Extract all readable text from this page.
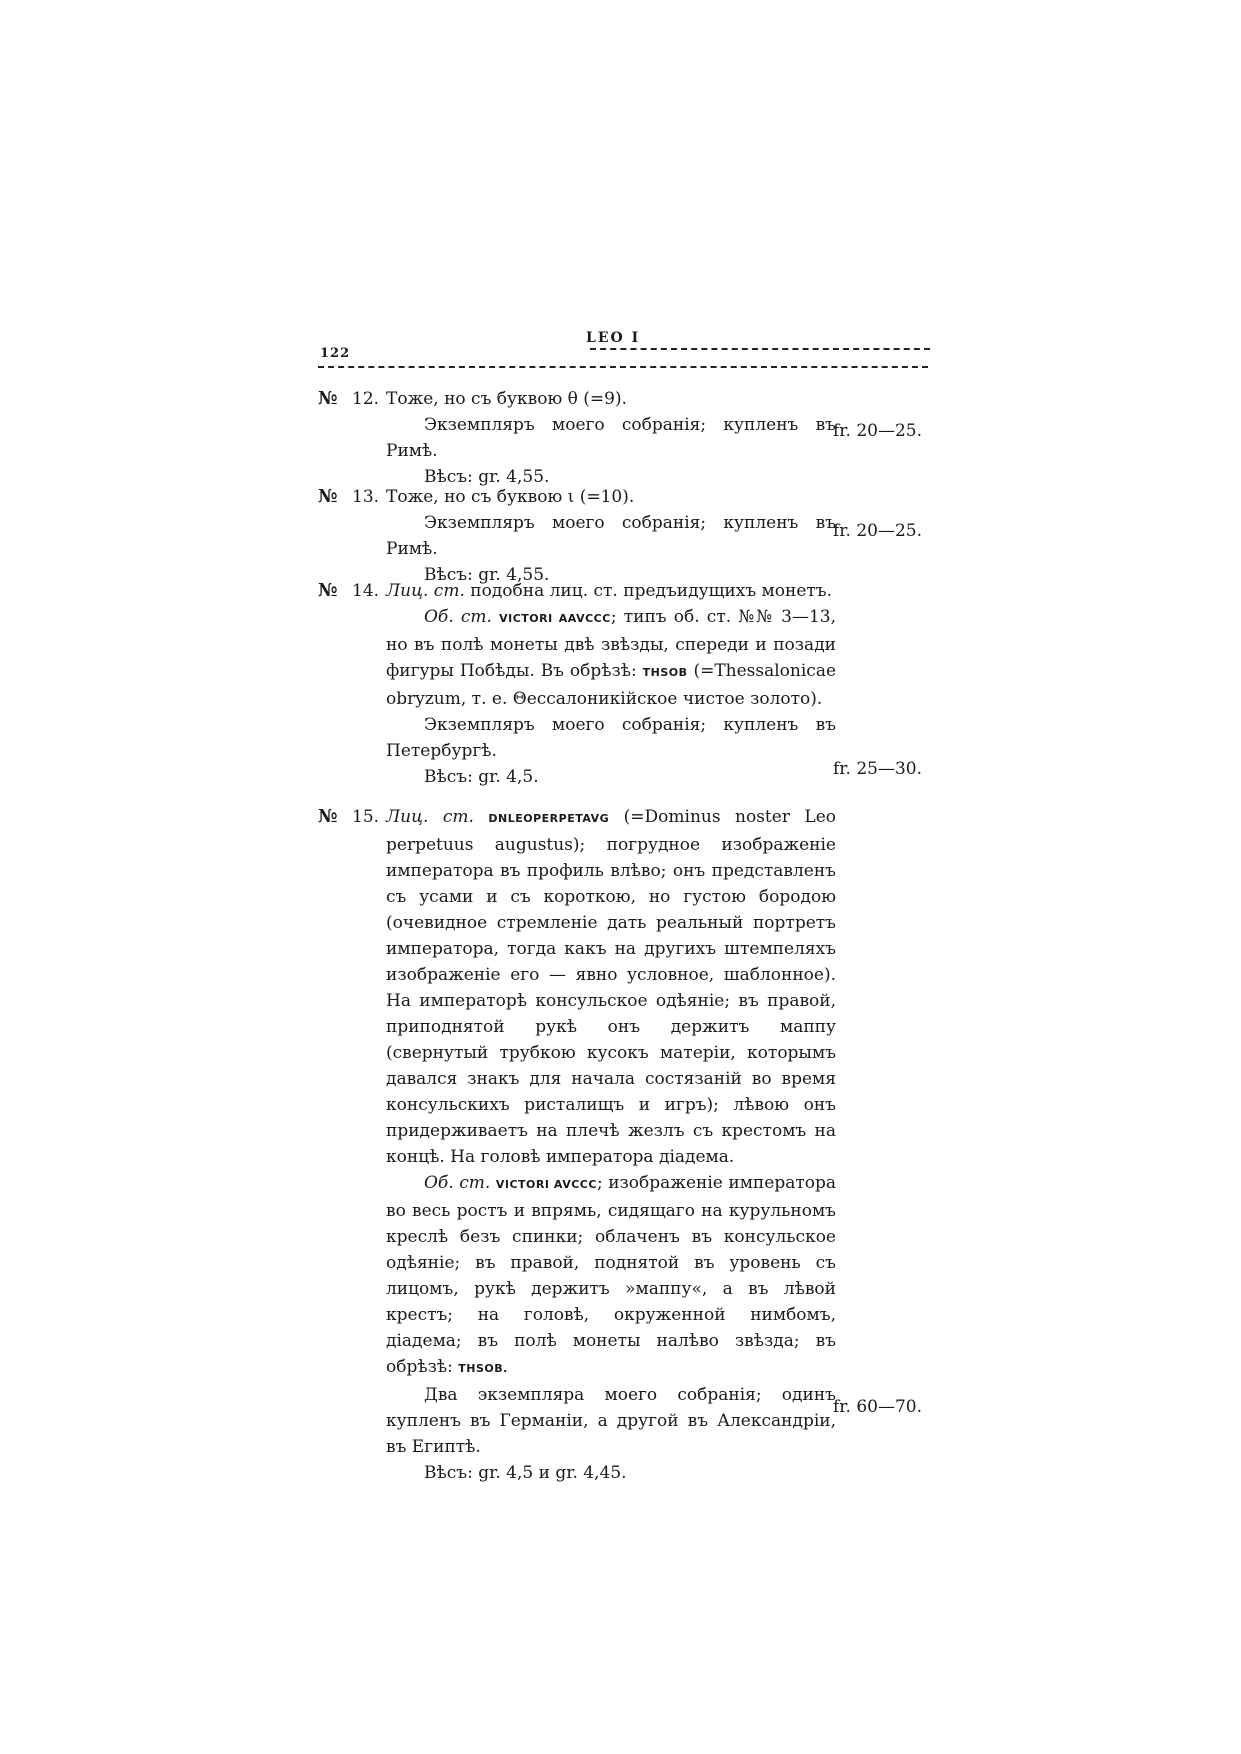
122
LEO I
№ 12. Тоже, но съ буквою θ (=9).
Экземпляръ моего собранія; купленъ въ Римѣ.
Вѣсъ: gr. 4,55.
fr. 20—25.
№ 13. Тоже, но съ буквою ι (=10).
Экземпляръ моего собранія; купленъ въ Римѣ.
Вѣсъ: gr. 4,55.
fr. 20—25.
№ 14. Лиц. ст. подобна лиц. ст. предъидущихъ монетъ.

Об. ст. VICTORI AAVCCC; типъ об. ст. №№ 3—13, но въ полѣ монеты двѣ звѣзды, спереди и позади фигуры Побѣды. Въ обрѣзѣ: THSOB (=Thessalonicae obryzum, т. е. Θессалоникійское чистое золото).

Экземпляръ моего собранія; купленъ въ Петербургѣ.

Вѣсъ: gr. 4,5.	fr. 25—30.
№ 15. Лиц. ст. DNLEOPERPETAVG (=Dominus noster Leo perpetuus augustus); погрудное изображеніе императора въ профиль влѣво; онъ представленъ съ усами и съ короткою, но густою бородою (очевидное стремленіе дать реальный портретъ императора, тогда какъ на другихъ штемпеляхъ изображеніе его — явно условное, шаблонное). На императорѣ консульское одѣяніе; въ правой, приподнятой рукѣ онъ держитъ маппу (свернутый трубкою кусокъ матеріи, которымъ давался знакъ для начала состязаній во время консульскихъ ристалищъ и игръ); лѣвою онъ придерживаетъ на плечѣ жезлъ съ крестомъ на концѣ. На головѣ императора діадема.

Об. ст. VICTORI AVCCC; изображеніе императора во весь ростъ и впрямь, сидящаго на курульномъ креслѣ безъ спинки; облаченъ въ консульское одѣяніе; въ правой, поднятой въ уровень съ лицомъ, рукѣ держитъ »маппу«, а въ лѣвой крестъ; на головѣ, окруженной нимбомъ, діадема; въ полѣ монеты налѣво звѣзда; въ обрѣзѣ: THSOB.

Два экземпляра моего собранія; одинъ купленъ въ Германіи, а другой въ Александріи, въ Египтѣ.

Вѣсъ: gr. 4,5 и gr. 4,45.
fr. 60—70.
